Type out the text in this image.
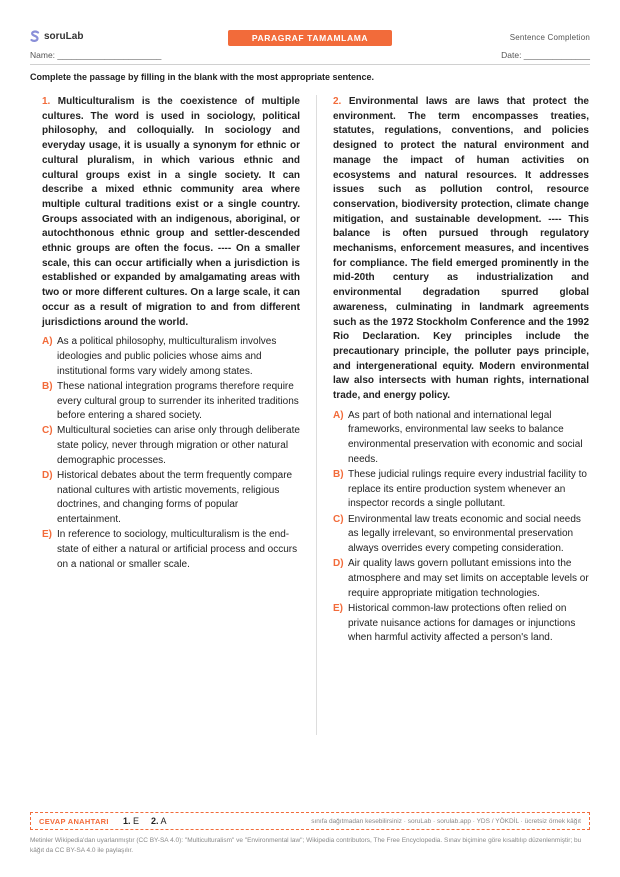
soruLab	PARAGRAF TAMAMLAMA	Sentence Completion
Name: ______________________	Date: ______________
Complete the passage by filling in the blank with the most appropriate sentence.

1. Multiculturalism is the coexistence of multiple cultures. The word is used in sociology, political philosophy, and colloquially. In sociology and everyday usage, it is usually a synonym for ethnic or cultural pluralism, in which various ethnic and cultural groups exist in a single society. It can describe a mixed ethnic community area where multiple cultural traditions exist or a single country. Groups associated with an indigenous, aboriginal, or autochthonous ethnic group and settler-descended ethnic groups are often the focus. ---- On a smaller scale, this can occur artificially when a jurisdiction is established or expanded by amalgamating areas with two or more different cultures. On a large scale, it can occur as a result of migration to and from different jurisdictions around the world.

A) As a political philosophy, multiculturalism involves ideologies and public policies whose aims and institutional forms vary widely among states.
B) These national integration programs therefore require every cultural group to surrender its inherited traditions before entering a shared society.
C) Multicultural societies can arise only through deliberate state policy, never through migration or other natural demographic processes.
D) Historical debates about the term frequently compare national cultures with artistic movements, religious doctrines, and changing forms of popular entertainment.
E) In reference to sociology, multiculturalism is the end-state of either a natural or artificial process and occurs on a national or smaller scale.

2. Environmental laws are laws that protect the environment. The term encompasses treaties, statutes, regulations, conventions, and policies designed to protect the natural environment and manage the impact of human activities on ecosystems and natural resources. It addresses issues such as pollution control, resource conservation, biodiversity protection, climate change mitigation, and sustainable development. ---- This balance is often pursued through regulatory mechanisms, enforcement measures, and incentives for compliance. The field emerged prominently in the mid-20th century as industrialization and environmental degradation spurred global awareness, culminating in landmark agreements such as the 1972 Stockholm Conference and the 1992 Rio Declaration. Key principles include the precautionary principle, the polluter pays principle, and intergenerational equity. Modern environmental law also intersects with human rights, international trade, and energy policy.

A) As part of both national and international legal frameworks, environmental law seeks to balance environmental preservation with economic and social needs.
B) These judicial rulings require every industrial facility to replace its entire production system whenever an inspector records a single pollutant.
C) Environmental law treats economic and social needs as legally irrelevant, so environmental preservation always overrides every competing consideration.
D) Air quality laws govern pollutant emissions into the atmosphere and may set limits on acceptable levels or require appropriate mitigation technologies.
E) Historical common-law protections often relied on private nuisance actions for damages or injunctions when harmful activity affected a person's land.
CEVAP ANAHTARI 1. E 2. A	sınıfa dağıtmadan kesebilirsiniz · soruLab · sorulab.app · YDS / YÖKDİL · ücretsiz örnek kâğıt
Metinler Wikipedia'dan uyarlanmıştır (CC BY-SA 4.0): "Multiculturalism" ve "Environmental law"; Wikipedia contributors, The Free Encyclopedia. Sınav biçimine göre kısaltılıp düzenlenmiştir; bu kâğıt da CC BY-SA 4.0 ile paylaşılır.
